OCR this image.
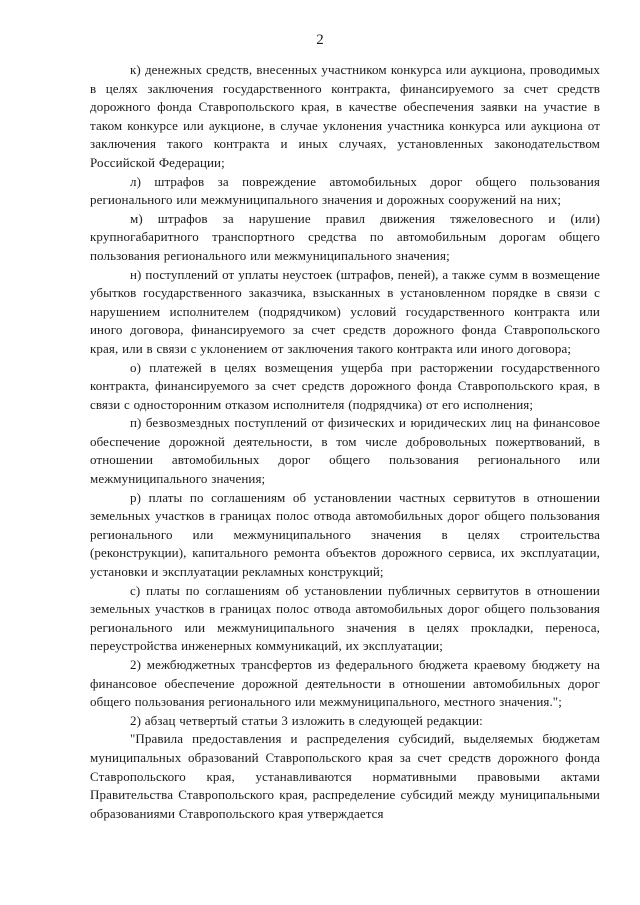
2

к) денежных средств, внесенных участником конкурса или аукциона, проводимых в целях заключения государственного контракта, финансируемого за счет средств дорожного фонда Ставропольского края, в качестве обеспечения заявки на участие в таком конкурсе или аукционе, в случае уклонения участника конкурса или аукциона от заключения такого контракта и иных случаях, установленных законодательством Российской Федерации;

л) штрафов за повреждение автомобильных дорог общего пользования регионального или межмуниципального значения и дорожных сооружений на них;

м) штрафов за нарушение правил движения тяжеловесного и (или) крупногабаритного транспортного средства по автомобильным дорогам общего пользования регионального или межмуниципального значения;

н) поступлений от уплаты неустоек (штрафов, пеней), а также сумм в возмещение убытков государственного заказчика, взысканных в установленном порядке в связи с нарушением исполнителем (подрядчиком) условий государственного контракта или иного договора, финансируемого за счет средств дорожного фонда Ставропольского края, или в связи с уклонением от заключения такого контракта или иного договора;

о) платежей в целях возмещения ущерба при расторжении государственного контракта, финансируемого за счет средств дорожного фонда Ставропольского края, в связи с односторонним отказом исполнителя (подрядчика) от его исполнения;

п) безвозмездных поступлений от физических и юридических лиц на финансовое обеспечение дорожной деятельности, в том числе добровольных пожертвований, в отношении автомобильных дорог общего пользования регионального или межмуниципального значения;

р) платы по соглашениям об установлении частных сервитутов в отношении земельных участков в границах полос отвода автомобильных дорог общего пользования регионального или межмуниципального значения в целях строительства (реконструкции), капитального ремонта объектов дорожного сервиса, их эксплуатации, установки и эксплуатации рекламных конструкций;

с) платы по соглашениям об установлении публичных сервитутов в отношении земельных участков в границах полос отвода автомобильных дорог общего пользования регионального или межмуниципального значения в целях прокладки, переноса, переустройства инженерных коммуникаций, их эксплуатации;

2) межбюджетных трансфертов из федерального бюджета краевому бюджету на финансовое обеспечение дорожной деятельности в отношении автомобильных дорог общего пользования регионального или межмуниципального, местного значения.";

2) абзац четвертый статьи 3 изложить в следующей редакции:

"Правила предоставления и распределения субсидий, выделяемых бюджетам муниципальных образований Ставропольского края за счет средств дорожного фонда Ставропольского края, устанавливаются нормативными правовыми актами Правительства Ставропольского края, распределение субсидий между муниципальными образованиями Ставропольского края утверждается
